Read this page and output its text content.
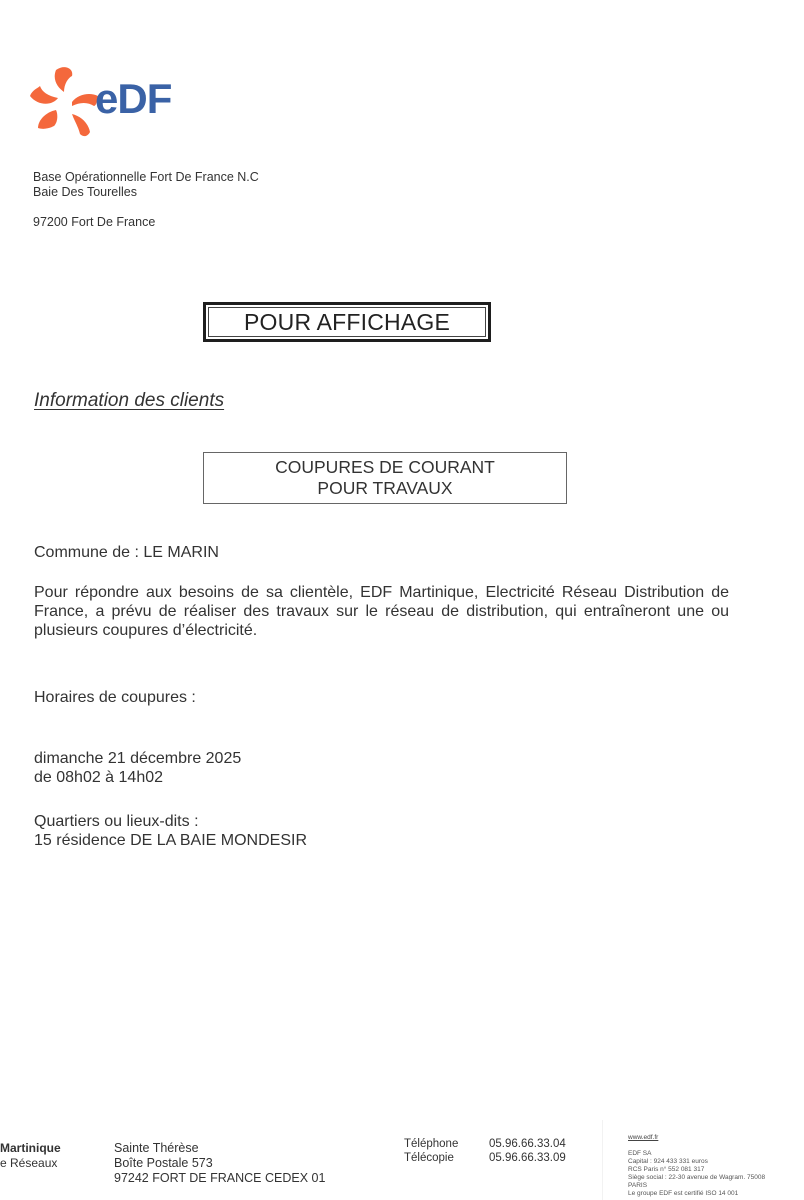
eDF
Base Opérationnelle Fort De France N.C
Baie Des Tourelles
97200 Fort De France
POUR AFFICHAGE
Information des clients
COUPURES DE COURANT
POUR TRAVAUX
Commune de : LE MARIN
Pour répondre aux besoins de sa clientèle, EDF Martinique, Electricité Réseau Distribution de France, a prévu de réaliser des travaux sur le réseau de distribution, qui entraîneront une ou plusieurs coupures d’électricité.
Horaires de coupures :
dimanche 21 décembre 2025
de 08h02 à 14h02
Quartiers ou lieux-dits :
15 résidence DE LA BAIE MONDESIR
Martinique
e Réseaux
Sainte Thérèse
Boîte Postale 573
97242 FORT DE FRANCE CEDEX 01
Téléphone	05.96.66.33.04
Télécopie	05.96.66.33.09
www.edf.fr
EDF SA
Capital : 924 433 331 euros
RCS Paris n° 552 081 317
Siège social : 22-30 avenue de Wagram. 75008
PARIS
Le groupe EDF est certifié ISO 14 001
